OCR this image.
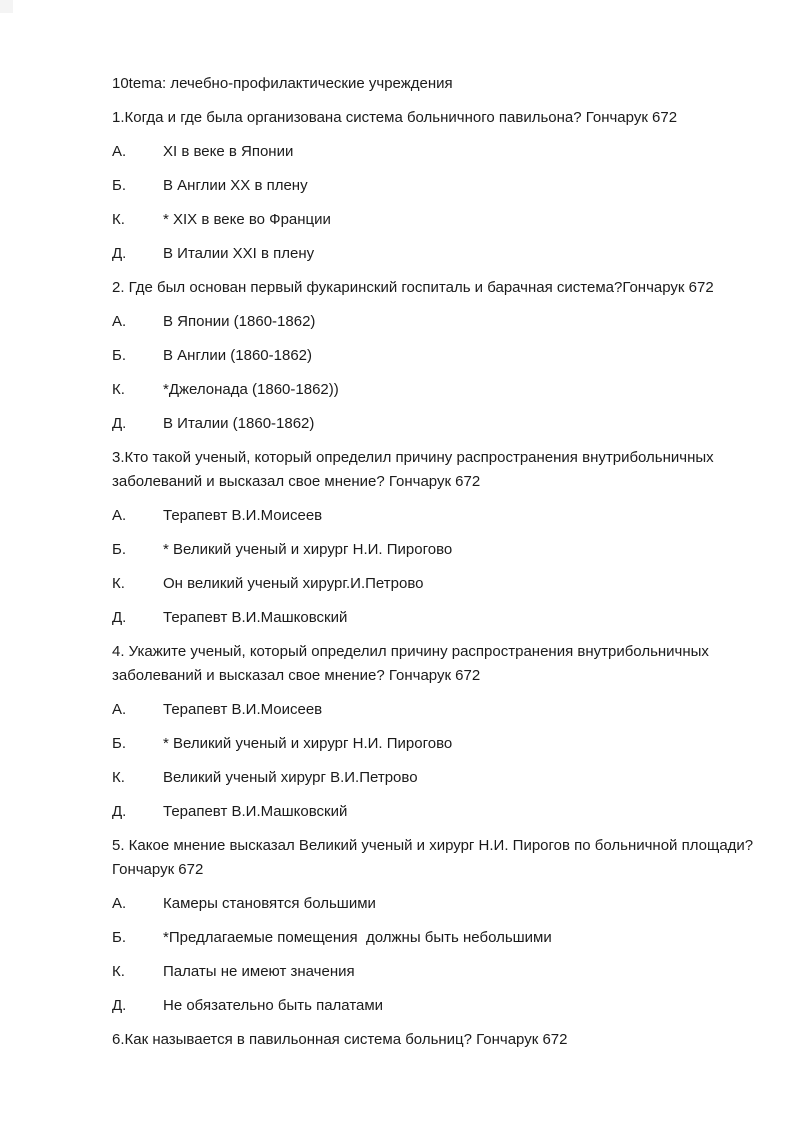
10tema: лечебно-профилактические учреждения

1.Когда и где была организована система больничного павильона? Гончарук 672

А.	XI в веке в Японии

Б.	В Англии XX в плену

К.	* XIX в веке во Франции

Д.	В Италии XXI в плену

2. Где был основан первый фукаринский госпиталь и барачная система?Гончарук 672

А.	В Японии (1860-1862)

Б.	В Англии (1860-1862)

К.	*Джелонада (1860-1862))

Д.	В Италии (1860-1862)

3.Кто такой ученый, который определил причину распространения внутрибольничных
заболеваний и высказал свое мнение? Гончарук 672

А.	Терапевт В.И.Моисеев

Б.	* Великий ученый и хирург Н.И. Пирогово

К.	Он великий ученый хирург.И.Петрово

Д.	Терапевт В.И.Машковский

4. Укажите ученый, который определил причину распространения внутрибольничных
заболеваний и высказал свое мнение? Гончарук 672

А.	Терапевт В.И.Моисеев

Б.	* Великий ученый и хирург Н.И. Пирогово

К.	Великий ученый хирург В.И.Петрово

Д.	Терапевт В.И.Машковский

5. Какое мнение высказал Великий ученый и хирург Н.И. Пирогов по больничной площади?
Гончарук 672

А.	Камеры становятся большими

Б.	*Предлагаемые помещения  должны быть небольшими

К.	Палаты не имеют значения

Д.	Не обязательно быть палатами

6.Как называется в павильонная система больниц? Гончарук 672
